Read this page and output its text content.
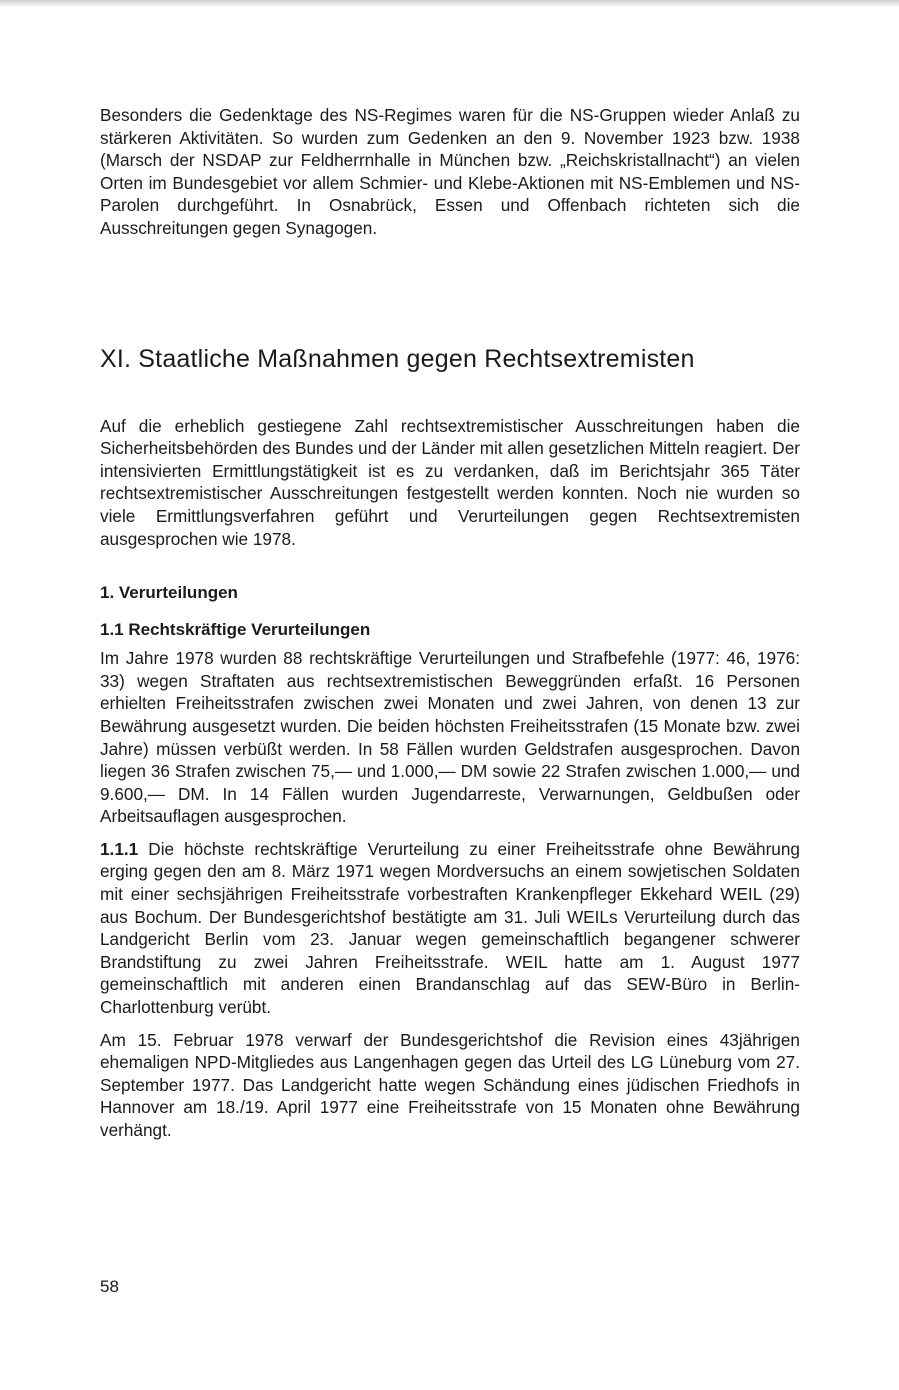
Besonders die Gedenktage des NS-Regimes waren für die NS-Gruppen wieder Anlaß zu stärkeren Aktivitäten. So wurden zum Gedenken an den 9. November 1923 bzw. 1938 (Marsch der NSDAP zur Feldherrnhalle in München bzw. „Reichskristallnacht“) an vielen Orten im Bundesgebiet vor allem Schmier- und Klebe-Aktionen mit NS-Emblemen und NS-Parolen durchgeführt. In Osnabrück, Essen und Offenbach richteten sich die Ausschreitungen gegen Synagogen.

XI. Staatliche Maßnahmen gegen Rechtsextremisten

Auf die erheblich gestiegene Zahl rechtsextremistischer Ausschreitungen haben die Sicherheitsbehörden des Bundes und der Länder mit allen gesetzlichen Mitteln reagiert. Der intensivierten Ermittlungstätigkeit ist es zu verdanken, daß im Berichtsjahr 365 Täter rechtsextremistischer Ausschreitungen festgestellt werden konnten. Noch nie wurden so viele Ermittlungsverfahren geführt und Verurteilungen gegen Rechtsextremisten ausgesprochen wie 1978.

1. Verurteilungen
1.1 Rechtskräftige Verurteilungen

Im Jahre 1978 wurden 88 rechtskräftige Verurteilungen und Strafbefehle (1977: 46, 1976: 33) wegen Straftaten aus rechtsextremistischen Beweggründen erfaßt. 16 Personen erhielten Freiheitsstrafen zwischen zwei Monaten und zwei Jahren, von denen 13 zur Bewährung ausgesetzt wurden. Die beiden höchsten Freiheitsstrafen (15 Monate bzw. zwei Jahre) müssen verbüßt werden. In 58 Fällen wurden Geldstrafen ausgesprochen. Davon liegen 36 Strafen zwischen 75,— und 1.000,— DM sowie 22 Strafen zwischen 1.000,— und 9.600,— DM. In 14 Fällen wurden Jugendarreste, Verwarnungen, Geldbußen oder Arbeitsauflagen ausgesprochen.

1.1.1 Die höchste rechtskräftige Verurteilung zu einer Freiheitsstrafe ohne Bewährung erging gegen den am 8. März 1971 wegen Mordversuchs an einem sowjetischen Soldaten mit einer sechsjährigen Freiheitsstrafe vorbestraften Krankenpfleger Ekkehard WEIL (29) aus Bochum. Der Bundesgerichtshof bestätigte am 31. Juli WEILs Verurteilung durch das Landgericht Berlin vom 23. Januar wegen gemeinschaftlich begangener schwerer Brandstiftung zu zwei Jahren Freiheitsstrafe. WEIL hatte am 1. August 1977 gemeinschaftlich mit anderen einen Brandanschlag auf das SEW-Büro in Berlin-Charlottenburg verübt.

Am 15. Februar 1978 verwarf der Bundesgerichtshof die Revision eines 43jährigen ehemaligen NPD-Mitgliedes aus Langenhagen gegen das Urteil des LG Lüneburg vom 27. September 1977. Das Landgericht hatte wegen Schändung eines jüdischen Friedhofs in Hannover am 18./19. April 1977 eine Freiheitsstrafe von 15 Monaten ohne Bewährung verhängt.

58
